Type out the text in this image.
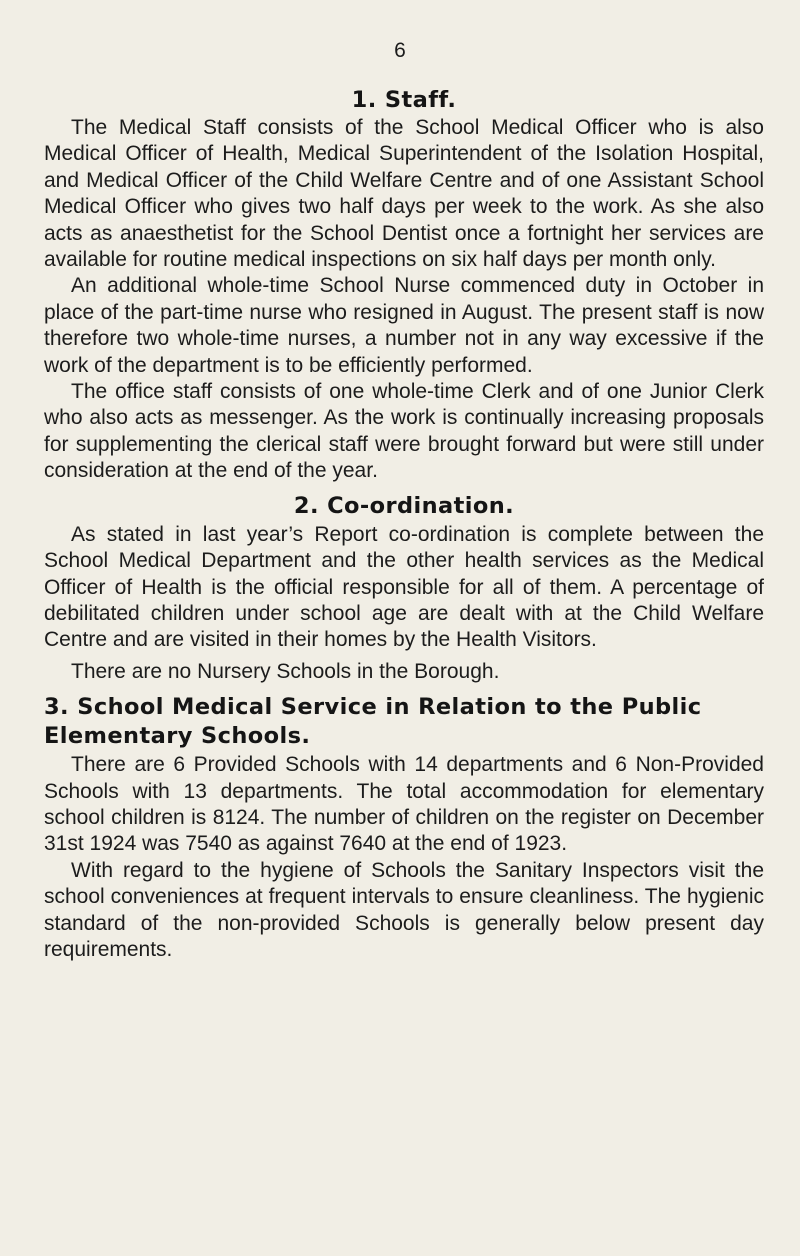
6
1. Staff.

The Medical Staff consists of the School Medical Officer who is also Medical Officer of Health, Medical Superintendent of the Isolation Hospital, and Medical Officer of the Child Welfare Centre and of one Assistant School Medical Officer who gives two half days per week to the work. As she also acts as anaesthetist for the School Dentist once a fortnight her services are available for routine medical inspections on six half days per month only.

An additional whole-time School Nurse commenced duty in October in place of the part-time nurse who resigned in August. The present staff is now therefore two whole-time nurses, a number not in any way excessive if the work of the department is to be efficiently performed.

The office staff consists of one whole-time Clerk and of one Junior Clerk who also acts as messenger. As the work is continually increasing proposals for supplementing the clerical staff were brought forward but were still under consideration at the end of the year.

2. Co-ordination.

As stated in last year’s Report co-ordination is complete between the School Medical Department and the other health services as the Medical Officer of Health is the official responsible for all of them. A percentage of debilitated children under school age are dealt with at the Child Welfare Centre and are visited in their homes by the Health Visitors.

There are no Nursery Schools in the Borough.

3. School Medical Service in Relation to the Public Elementary Schools.

There are 6 Provided Schools with 14 departments and 6 Non-Provided Schools with 13 departments. The total accommodation for elementary school children is 8124. The number of children on the register on December 31st 1924 was 7540 as against 7640 at the end of 1923.

With regard to the hygiene of Schools the Sanitary Inspectors visit the school conveniences at frequent intervals to ensure cleanliness. The hygienic standard of the non-provided Schools is generally below present day requirements.
